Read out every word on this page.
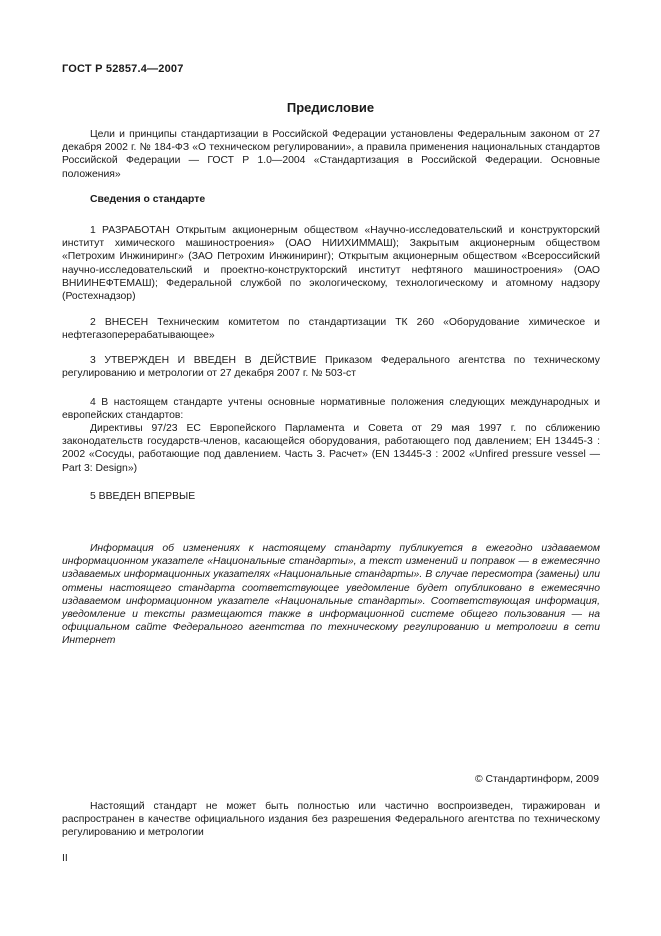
ГОСТ Р 52857.4—2007
Предисловие
Цели и принципы стандартизации в Российской Федерации установлены Федеральным законом от 27 декабря 2002 г. № 184-ФЗ «О техническом регулировании», а правила применения национальных стандартов Российской Федерации — ГОСТ Р 1.0—2004 «Стандартизация в Российской Федерации. Основные положения»
Сведения о стандарте
1 РАЗРАБОТАН Открытым акционерным обществом «Научно-исследовательский и конструкторский институт химического машиностроения» (ОАО НИИХИММАШ); Закрытым акционерным обществом «Петрохим Инжиниринг» (ЗАО Петрохим Инжиниринг); Открытым акционерным обществом «Всероссийский научно-исследовательский и проектно-конструкторский институт нефтяного машиностроения» (ОАО ВНИИНЕФТЕМАШ); Федеральной службой по экологическому, технологическому и атомному надзору (Ростехнадзор)
2 ВНЕСЕН Техническим комитетом по стандартизации ТК 260 «Оборудование химическое и нефтегазоперерабатывающее»
3 УТВЕРЖДЕН И ВВЕДЕН В ДЕЙСТВИЕ Приказом Федерального агентства по техническому регулированию и метрологии от 27 декабря 2007 г. № 503-ст
4 В настоящем стандарте учтены основные нормативные положения следующих международных и европейских стандартов:
Директивы 97/23 ЕС Европейского Парламента и Совета от 29 мая 1997 г. по сближению законодательств государств-членов, касающейся оборудования, работающего под давлением; ЕН 13445-3 : 2002 «Сосуды, работающие под давлением. Часть 3. Расчет» (EN 13445-3 : 2002 «Unfired pressure vessel — Part 3: Design»)
5 ВВЕДЕН ВПЕРВЫЕ
Информация об изменениях к настоящему стандарту публикуется в ежегодно издаваемом информационном указателе «Национальные стандарты», а текст изменений и поправок — в ежемесячно издаваемых информационных указателях «Национальные стандарты». В случае пересмотра (замены) или отмены настоящего стандарта соответствующее уведомление будет опубликовано в ежемесячно издаваемом информационном указателе «Национальные стандарты». Соответствующая информация, уведомление и тексты размещаются также в информационной системе общего пользования — на официальном сайте Федерального агентства по техническому регулированию и метрологии в сети Интернет
© Стандартинформ, 2009
Настоящий стандарт не может быть полностью или частично воспроизведен, тиражирован и распространен в качестве официального издания без разрешения Федерального агентства по техническому регулированию и метрологии
II
